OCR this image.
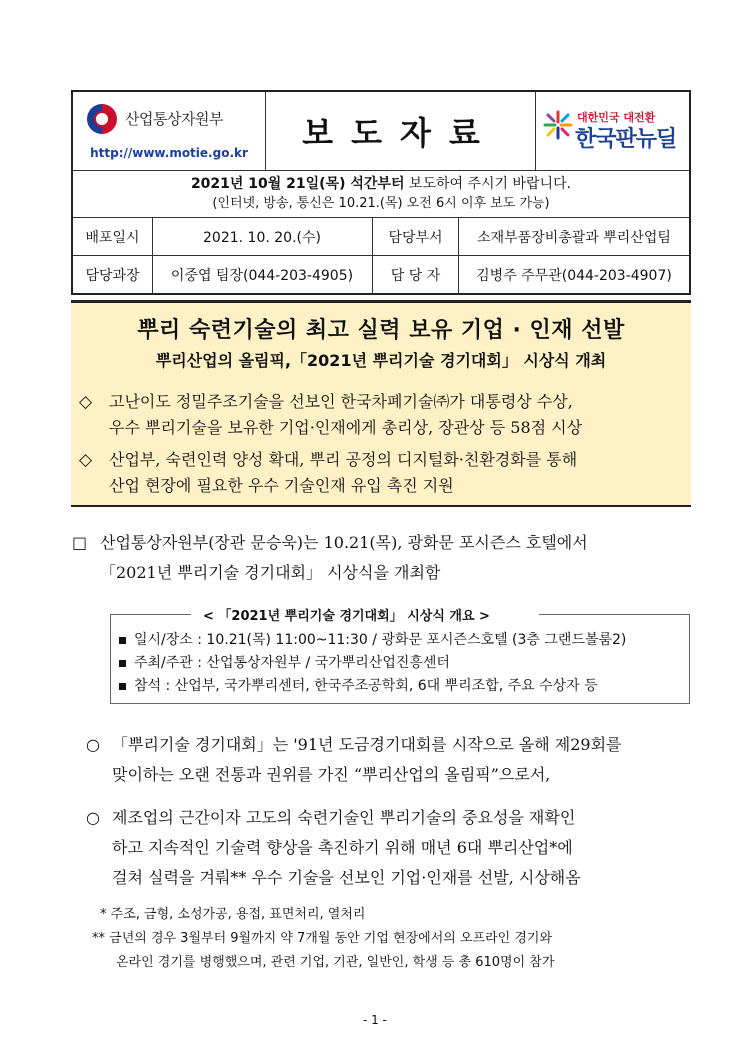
산업통상자원부
http://www.motie.go.kr
보도자료	대한민국 대전환
한국판뉴딜
2021년 10월 21일(목) 석간부터 보도하여 주시기 바랍니다.
(인터넷, 방송, 통신은 10.21.(목) 오전 6시 이후 보도 가능)
배포일시	2021. 10. 20.(수)	담당부서	소재부품장비총괄과 뿌리산업팀
담당과장	이중엽 팀장(044-203-4905)	담 당 자	김병주 주무관(044-203-4907)
뿌리 숙련기술의 최고 실력 보유 기업 · 인재 선발
뿌리산업의 올림픽,「2021년 뿌리기술 경기대회」 시상식 개최
◇ 고난이도 정밀주조기술을 선보인 한국차폐기술㈜가 대통령상 수상,
우수 뿌리기술을 보유한 기업·인재에게 총리상, 장관상 등 58점 시상
◇ 산업부, 숙련인력 양성 확대, 뿌리 공정의 디지털화·친환경화를 통해
산업 현장에 필요한 우수 기술인재 유입 촉진 지원
□ 산업통상자원부(장관 문승욱)는 10.21(목), 광화문 포시즌스 호텔에서
「2021년 뿌리기술 경기대회」 시상식을 개최함
< 「2021년 뿌리기술 경기대회」 시상식 개요 >
일시/장소 : 10.21(목) 11:00~11:30 / 광화문 포시즌스호텔 (3층 그랜드볼룸2)
주최/주관 : 산업통상자원부 / 국가뿌리산업진흥센터
참석 : 산업부, 국가뿌리센터, 한국주조공학회, 6대 뿌리조합, 주요 수상자 등
○ 「뿌리기술 경기대회」는 '91년 도금경기대회를 시작으로 올해 제29회를
맞이하는 오랜 전통과 권위를 가진 “뿌리산업의 올림픽”으로서,
○ 제조업의 근간이자 고도의 숙련기술인 뿌리기술의 중요성을 재확인
하고 지속적인 기술력 향상을 촉진하기 위해 매년 6대 뿌리산업*에
걸쳐 실력을 겨뤄** 우수 기술을 선보인 기업·인재를 선발, 시상해옴
* 주조, 금형, 소성가공, 용접, 표면처리, 열처리
** 금년의 경우 3월부터 9월까지 약 7개월 동안 기업 현장에서의 오프라인 경기와
온라인 경기를 병행했으며, 관련 기업, 기관, 일반인, 학생 등 총 610명이 참가
- 1 -
